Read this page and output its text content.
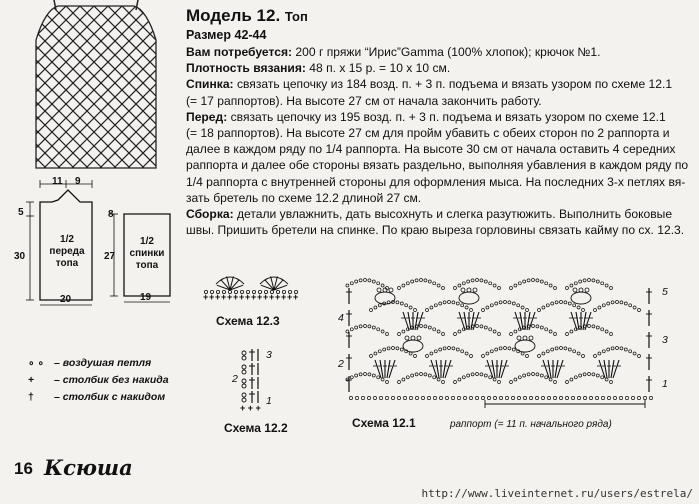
11 9
5
30
20
8
27
19
1/2
переда
топа
1/2
спинки
топа
Модель 12. Топ
Размер 42-44

Вам потребуется: 200 г пряжи “Ирис”Gamma (100% хлопок); крючок №1.

Плотность вязания: 48 п. х 15 р. = 10 х 10 см.

Спинка: связать цепочку из 184 возд. п. + 3 п. подъема и вязать узором по схеме 12.1

(= 17 раппортов). На высоте 27 см от начала закончить работу.

Перед: связать цепочку из 195 возд. п. + 3 п. подъема и вязать узором по схеме 12.1

(= 18 раппортов). На высоте 27 см для пройм убавить с обеих сторон по 2 раппорта и

далее в каждом ряду по 1/4 раппорта. На высоте 30 см от начала оставить 4 середних

раппорта и далее обе стороны вязать раздельно, выполняя убавления в каждом ряду по

1/4 раппорта с внутренней стороны для оформления мыса. На последних 3-х петлях вя-

зать бретель по схеме 12.2 длиной 27 см.

Сборка: детали увлажнить, дать высохнуть и слегка разутюжить. Выполнить боковые

швы. Пришить бретели на спинке. По краю выреза горловины связать кайму по сх. 12.3.

∘ ∘ – воздушая петля
+	– столбик без накида
†	– столбик с накидом
+ + + + + + + + + + + + + + + +
Схема 12.3
+ + +
3
2
1
Схема 12.2
5
3
1
4
2
Схема 12.1	раппорт (= 11 п. начального ряда)
16 Ксюша
http://www.liveinternet.ru/users/estrela/
